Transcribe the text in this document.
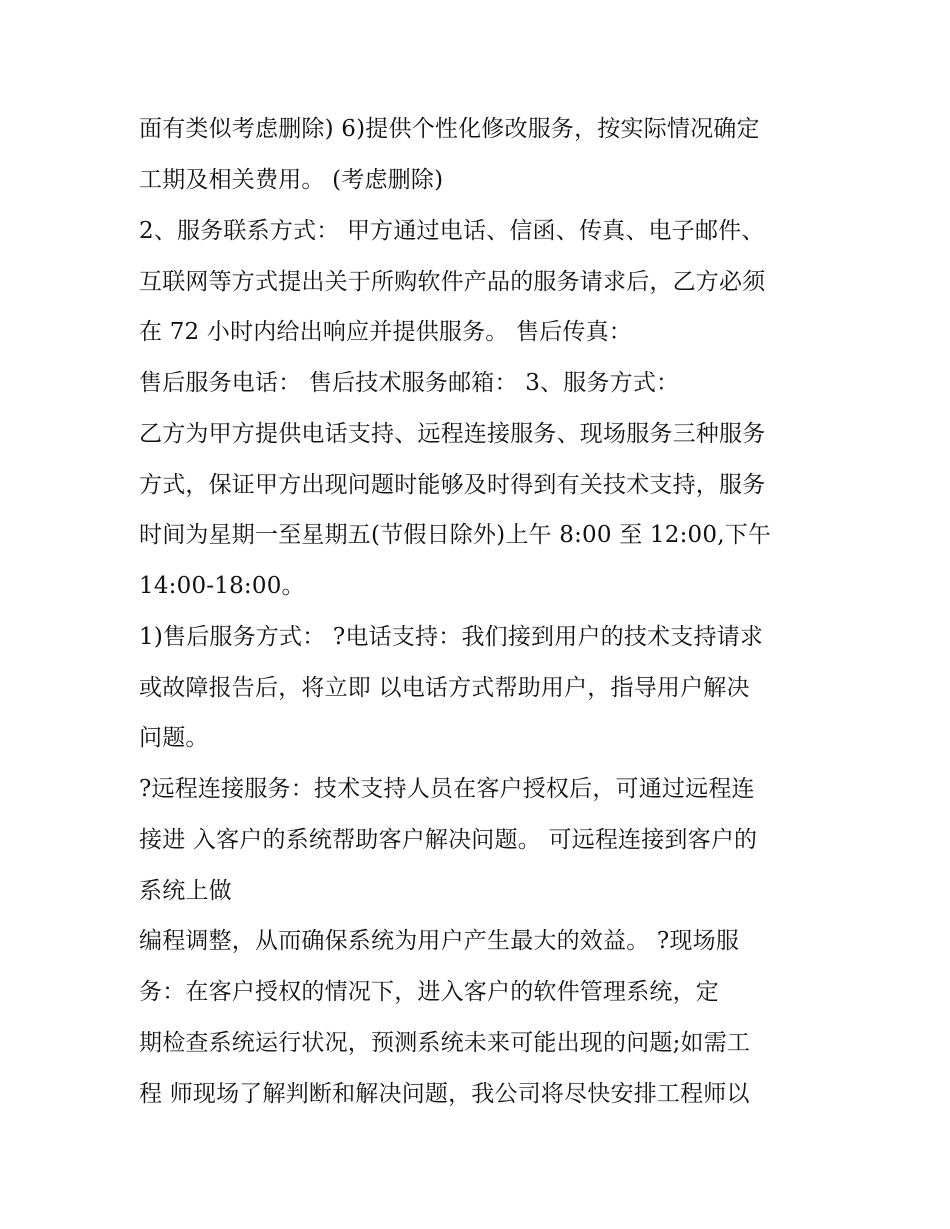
面有类似考虑删除) 6)提供个性化修改服务，按实际情况确定

工期及相关费用。 (考虑删除)

2、服务联系方式： 甲方通过电话、信函、传真、电子邮件、

互联网等方式提出关于所购软件产品的服务请求后，乙方必须

在 72 小时内给出响应并提供服务。 售后传真：

售后服务电话： 售后技术服务邮箱： 3、服务方式：

乙方为甲方提供电话支持、远程连接服务、现场服务三种服务

方式，保证甲方出现问题时能够及时得到有关技术支持，服务

时间为星期一至星期五(节假日除外)上午 8:00 至 12:00,下午

14:00-18:00。

1)售后服务方式： ?电话支持：我们接到用户的技术支持请求

或故障报告后，将立即 以电话方式帮助用户，指导用户解决

问题。

?远程连接服务：技术支持人员在客户授权后，可通过远程连

接进 入客户的系统帮助客户解决问题。 可远程连接到客户的

系统上做

编程调整，从而确保系统为用户产生最大的效益。 ?现场服

务：在客户授权的情况下，进入客户的软件管理系统，定

期检查系统运行状况，预测系统未来可能出现的问题;如需工

程 师现场了解判断和解决问题，我公司将尽快安排工程师以
